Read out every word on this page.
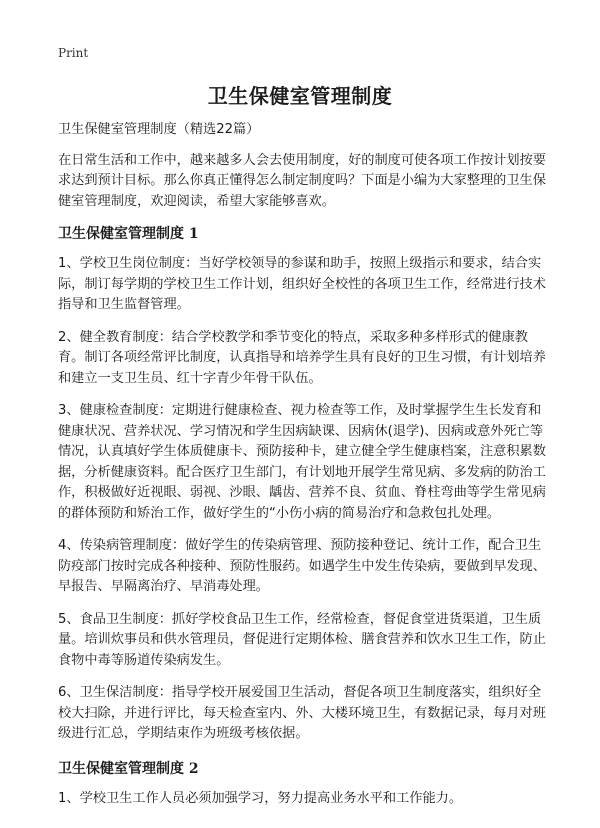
Print
卫生保健室管理制度

卫生保健室管理制度（精选22篇）

在日常生活和工作中，越来越多人会去使用制度，好的制度可使各项工作按计划按要求达到预计目标。那么你真正懂得怎么制定制度吗？下面是小编为大家整理的卫生保健室管理制度，欢迎阅读，希望大家能够喜欢。

卫生保健室管理制度 1

1、学校卫生岗位制度：当好学校领导的参谋和助手，按照上级指示和要求，结合实际，制订每学期的学校卫生工作计划，组织好全校性的各项卫生工作，经常进行技术指导和卫生监督管理。

2、健全教育制度：结合学校教学和季节变化的特点，采取多种多样形式的健康教育。制订各项经常评比制度，认真指导和培养学生具有良好的卫生习惯，有计划培养和建立一支卫生员、红十字青少年骨干队伍。

3、健康检查制度：定期进行健康检查、视力检查等工作，及时掌握学生生长发育和健康状况、营养状况、学习情况和学生因病缺课、因病休(退学)、因病或意外死亡等情况，认真填好学生体质健康卡、预防接种卡，建立健全学生健康档案，注意积累数据，分析健康资料。配合医疗卫生部门，有计划地开展学生常见病、多发病的防治工作，积极做好近视眼、弱视、沙眼、龋齿、营养不良、贫血、脊柱弯曲等学生常见病的群体预防和矫治工作，做好学生的“小伤小病的简易治疗和急救包扎处理。

4、传染病管理制度：做好学生的传染病管理、预防接种登记、统计工作，配合卫生防疫部门按时完成各种接种、预防性服药。如遇学生中发生传染病，要做到早发现、早报告、早隔离治疗、早消毒处理。

5、食品卫生制度：抓好学校食品卫生工作，经常检查，督促食堂进货渠道，卫生质量。培训炊事员和供水管理员，督促进行定期体检、膳食营养和饮水卫生工作，防止食物中毒等肠道传染病发生。

6、卫生保洁制度：指导学校开展爱国卫生活动，督促各项卫生制度落实，组织好全校大扫除，并进行评比，每天检查室内、外、大楼环境卫生，有数据记录，每月对班级进行汇总，学期结束作为班级考核依据。

卫生保健室管理制度 2

1、学校卫生工作人员必须加强学习，努力提高业务水平和工作能力。
